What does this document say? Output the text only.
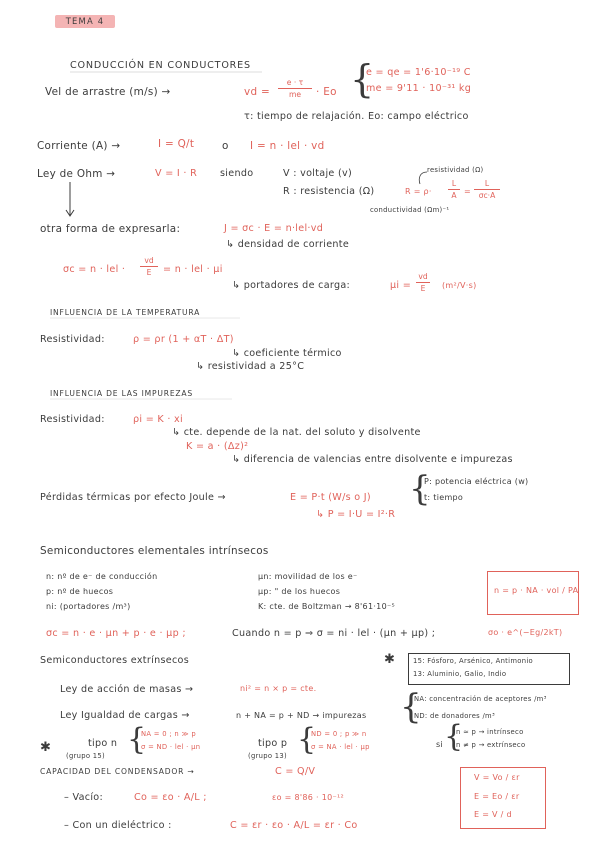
TEMA 4
CONDUCCIÓN EN CONDUCTORES
Vel de arrastre (m/s) →	vd = $\frac{e \cdot \tau}{me} \cdot Eo$ {
e = qe = 1'6·10⁻¹⁹ C
me = 9'11 · 10⁻³¹ kg
τ: tiempo de relajación. Eo: campo eléctrico
Corriente (A) →	I = Q/t	o I = n · lel · vd
Ley de Ohm →	V = I · R siendo	V : voltaje (v)
R : resistencia (Ω)
resistividad (Ω)
$R = \rho\cdot \frac{L}{A} = \frac{L}{\sigma c\cdot A}$
conductividad (Ωm)⁻¹
otra forma de expresarla:	J = σc · E = n·lel·vd
↳ densidad de corriente
σc = n · lel · $\frac{vd}{E} = n$ · lel · μi
↳ portadores de carga:	$\mu i = \frac{vd}{E} (m^2/V\cdot s)$
INFLUENCIA DE LA TEMPERATURA
Resistividad:	ρ = ρr (1 + αT · ΔT)
↳ coeficiente térmico
↳ resistividad a 25°C
INFLUENCIA DE LAS IMPUREZAS
Resistividad:	ρi = K · xi
↳ cte. depende de la nat. del soluto y disolvente
K = a · (Δz)²
↳ diferencia de valencias entre disolvente e impurezas
Pérdidas térmicas por efecto Joule →	E = P·t (W/s o J) {
P: potencia eléctrica (w)
t: tiempo
↳ P = I·U = I²·R
Semiconductores elementales intrínsecos
n: nº de e⁻ de conducción
p: nº de huecos
ni: (portadores /m³)
μn: movilidad de los e⁻
μp: " de los huecos
K: cte. de Boltzman → 8'61·10⁻⁵
n = p · NA · vol / PA
σc = n · e · μn + p · e · μp ;	Cuando n = p ⇒ σ = ni · lel · (μn + μp) ;	σo · e^(−Eg/2kT)
Semiconductores extrínsecos	✱	15: Fósforo, Arsénico, Antimonio
13: Aluminio, Galio, Indio
Ley de acción de masas →	ni² = n × p = cte.
Ley Igualdad de cargas →	n + NA = p + ND → impurezas {
NA: concentración de aceptores /m³
ND: de donadores /m³
✱	tipo n
(grupo 15) {
NA = 0 ; n ≫ p
σ = ND · lel · μn	tipo p
(grupo 13) {
ND = 0 ; p ≫ n
σ = NA · lel · μp	si {
n ≈ p → intrínseco
n ≠ p → extrínseco
CAPACIDAD DEL CONDENSADOR →	C = Q/V
– Vacío:	Co = εo · A/L ;	εo = 8'86 · 10⁻¹²
– Con un dieléctrico :	C = εr · εo · A/L = εr · Co
V = Vo / εr
E = Eo / εr
E = V / d
